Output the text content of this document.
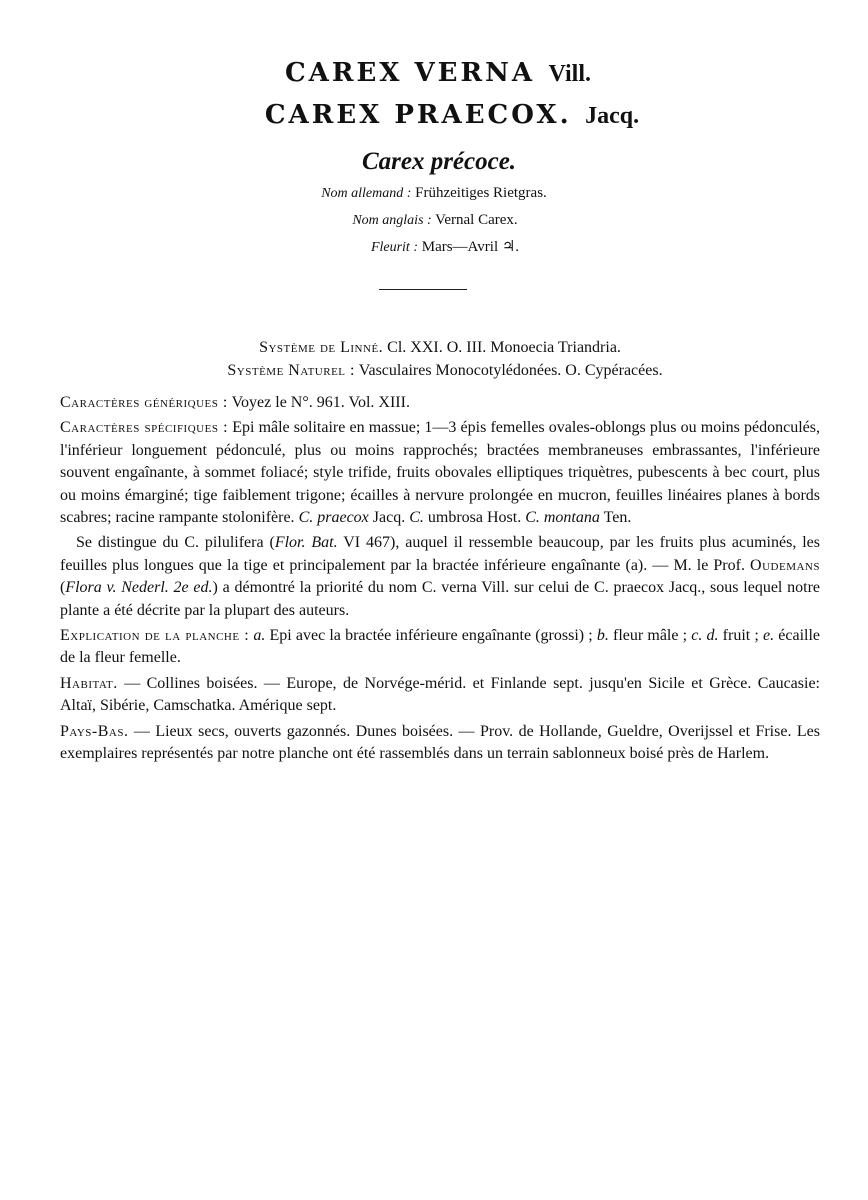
CAREX VERNA Vill.
CAREX PRAECOX. Jacq.
Carex précoce.
Nom allemand : Frühzeitiges Rietgras.
Nom anglais : Vernal Carex.
Fleurit : Mars—Avril ♃.
Système de Linné. Cl. XXI. O. III. Monoecia Triandria.
Système Naturel : Vasculaires Monocotylédonées. O. Cypéracées.

Caractères génériques : Voyez le N°. 961. Vol. XIII.

Caractères spécifiques : Epi mâle solitaire en massue; 1—3 épis femelles ovales-oblongs plus ou moins pédonculés, l'inférieur longuement pédonculé, plus ou moins rapprochés; bractées membraneuses embrassantes, l'inférieure souvent engaînante, à sommet foliacé; style trifide, fruits obovales elliptiques triquètres, pubescents à bec court, plus ou moins émarginé; tige faiblement trigone; écailles à nervure prolongée en mucron, feuilles linéaires planes à bords scabres; racine rampante stolonifère. C. praecox Jacq. C. umbrosa Host. C. montana Ten.

Se distingue du C. pilulifera (Flor. Bat. VI 467), auquel il ressemble beaucoup, par les fruits plus acuminés, les feuilles plus longues que la tige et principalement par la bractée inférieure engaînante (a). — M. le Prof. Oudemans (Flora v. Nederl. 2e ed.) a démontré la priorité du nom C. verna Vill. sur celui de C. praecox Jacq., sous lequel notre plante a été décrite par la plupart des auteurs.

Explication de la planche : a. Epi avec la bractée inférieure engaînante (grossi) ; b. fleur mâle ; c. d. fruit ; e. écaille de la fleur femelle.

Habitat. — Collines boisées. — Europe, de Norvége-mérid. et Finlande sept. jusqu'en Sicile et Grèce. Caucasie: Altaï, Sibérie, Camschatka. Amérique sept.

Pays-Bas. — Lieux secs, ouverts gazonnés. Dunes boisées. — Prov. de Hollande, Gueldre, Overijssel et Frise. Les exemplaires représentés par notre planche ont été rassemblés dans un terrain sablonneux boisé près de Harlem.
